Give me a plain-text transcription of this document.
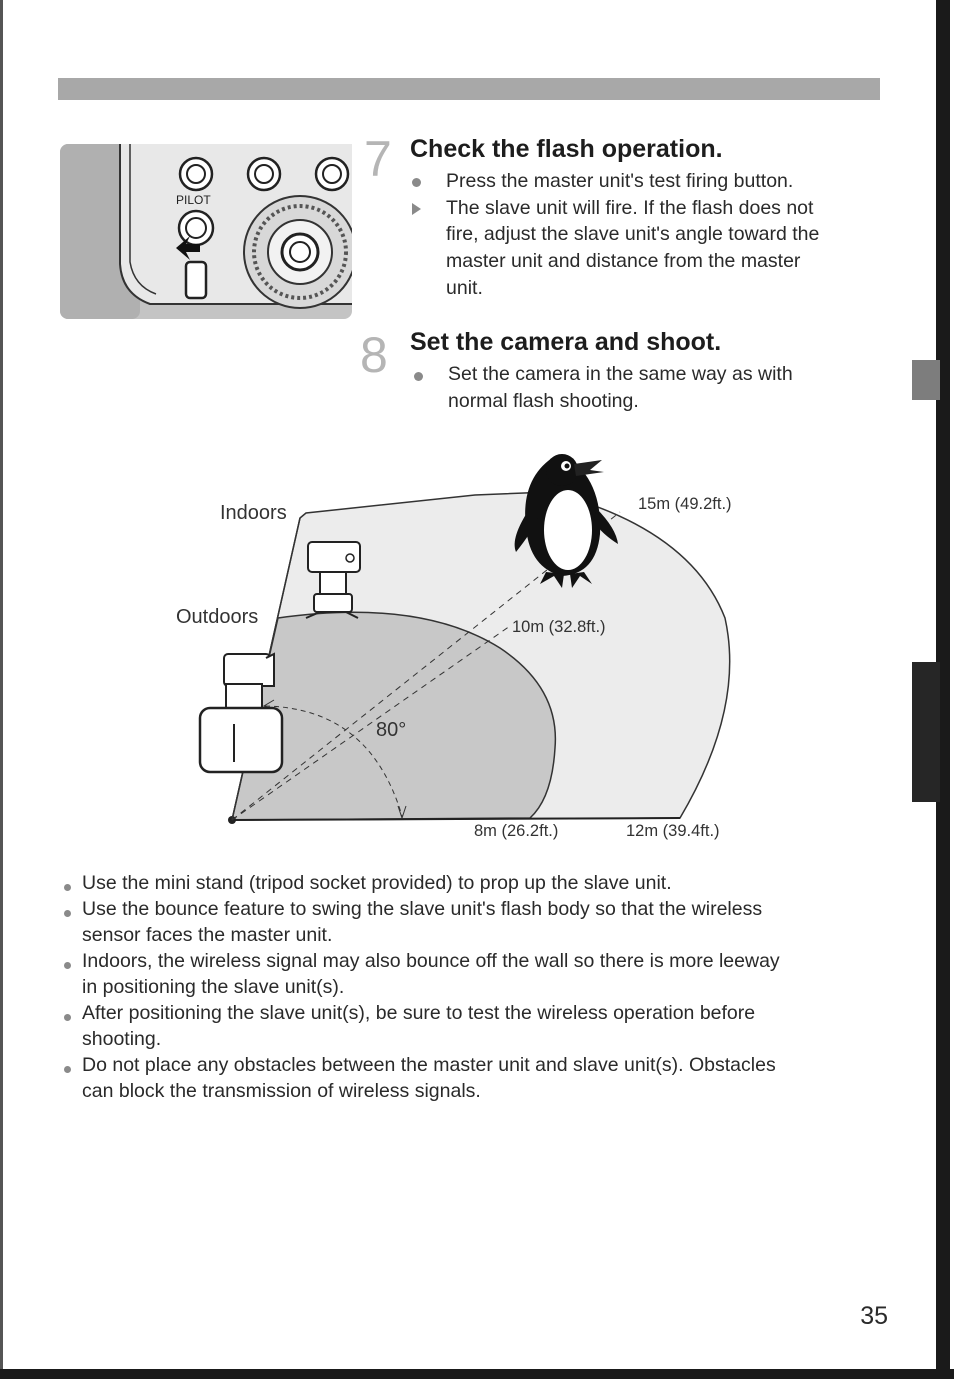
PILOT
7 Check the flash operation.
Press the master unit's test firing button.
The slave unit will fire. If the flash does not
fire, adjust the slave unit's angle toward the
master unit and distance from the master
unit.
8 Set the camera and shoot.
Set the camera in the same way as with
normal flash shooting.
Indoors
Outdoors
80°
15m (49.2ft.)
10m (32.8ft.)
8m (26.2ft.)	12m (39.4ft.)
Use the mini stand (tripod socket provided) to prop up the slave unit.
Use the bounce feature to swing the slave unit's flash body so that the wireless
sensor faces the master unit.
Indoors, the wireless signal may also bounce off the wall so there is more leeway
in positioning the slave unit(s).
After positioning the slave unit(s), be sure to test the wireless operation before
shooting.
Do not place any obstacles between the master unit and slave unit(s). Obstacles
can block the transmission of wireless signals.
35
